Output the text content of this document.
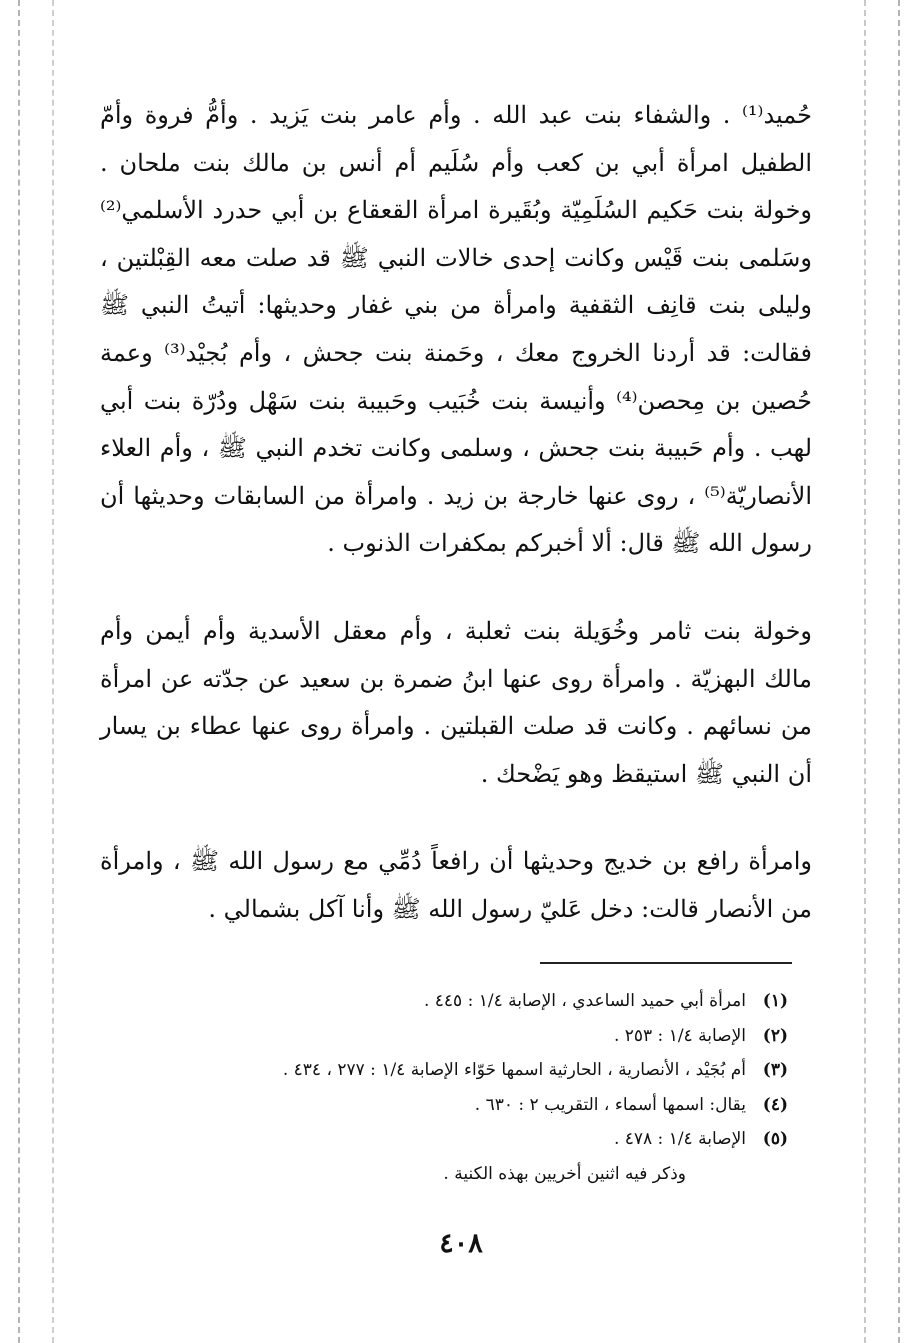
حُميد⁽¹⁾ . والشفاء بنت عبد الله . وأم عامر بنت يَزيد . وأمُّ فروة وأمّ الطفيل امرأة أبي بن كعب وأم سُلَيم أم أنس بن مالك بنت ملحان . وخولة بنت حَكيم السُلَمِيّة وبُقَيرة امرأة القعقاع بن أبي حدرد الأسلمي⁽²⁾ وسَلمى بنت قَيْس وكانت إحدى خالات النبي ﷺ قد صلت معه القِبْلتين ، وليلى بنت قانِف الثقفية وامرأة من بني غفار وحديثها: أتيتُ النبي ﷺ فقالت: قد أردنا الخروج معك ، وحَمنة بنت جحش ، وأم بُجيْد⁽³⁾ وعمة حُصين بن مِحصن⁽⁴⁾ وأنيسة بنت خُبَيب وحَبيبة بنت سَهْل ودُرّة بنت أبي لهب . وأم حَبيبة بنت جحش ، وسلمى وكانت تخدم النبي ﷺ ، وأم العلاء الأنصاريّة⁽⁵⁾ ، روى عنها خارجة بن زيد . وامرأة من السابقات وحديثها أن رسول الله ﷺ قال: ألا أخبركم بمكفرات الذنوب .

وخولة بنت ثامر وخُوَيلة بنت ثعلبة ، وأم معقل الأسدية وأم أيمن وأم مالك البهزيّة . وامرأة روى عنها ابنُ ضمرة بن سعيد عن جدّته عن امرأة من نسائهم . وكانت قد صلت القبلتين . وامرأة روى عنها عطاء بن يسار أن النبي ﷺ استيقظ وهو يَضْحك .

وامرأة رافع بن خديج وحديثها أن رافعاً دُمِّي مع رسول الله ﷺ ، وامرأة من الأنصار قالت: دخل عَليّ رسول الله ﷺ وأنا آكل بشمالي .

(١)
امرأة أبي حميد الساعدي ، الإصابة ١/٤ : ٤٤٥ .
(٢)
الإصابة ١/٤ : ٢٥٣ .
(٣)
أم بُجَيْد ، الأنصارية ، الحارثية اسمها حَوّاء الإصابة ١/٤ : ٢٧٧ ، ٤٣٤ .
(٤)
يقال: اسمها أسماء ، التقريب ٢ : ٦٣٠ .
(٥)
الإصابة ١/٤ : ٤٧٨ .
وذكر فيه اثنين أخريين بهذه الكنية .
٤٠٨
